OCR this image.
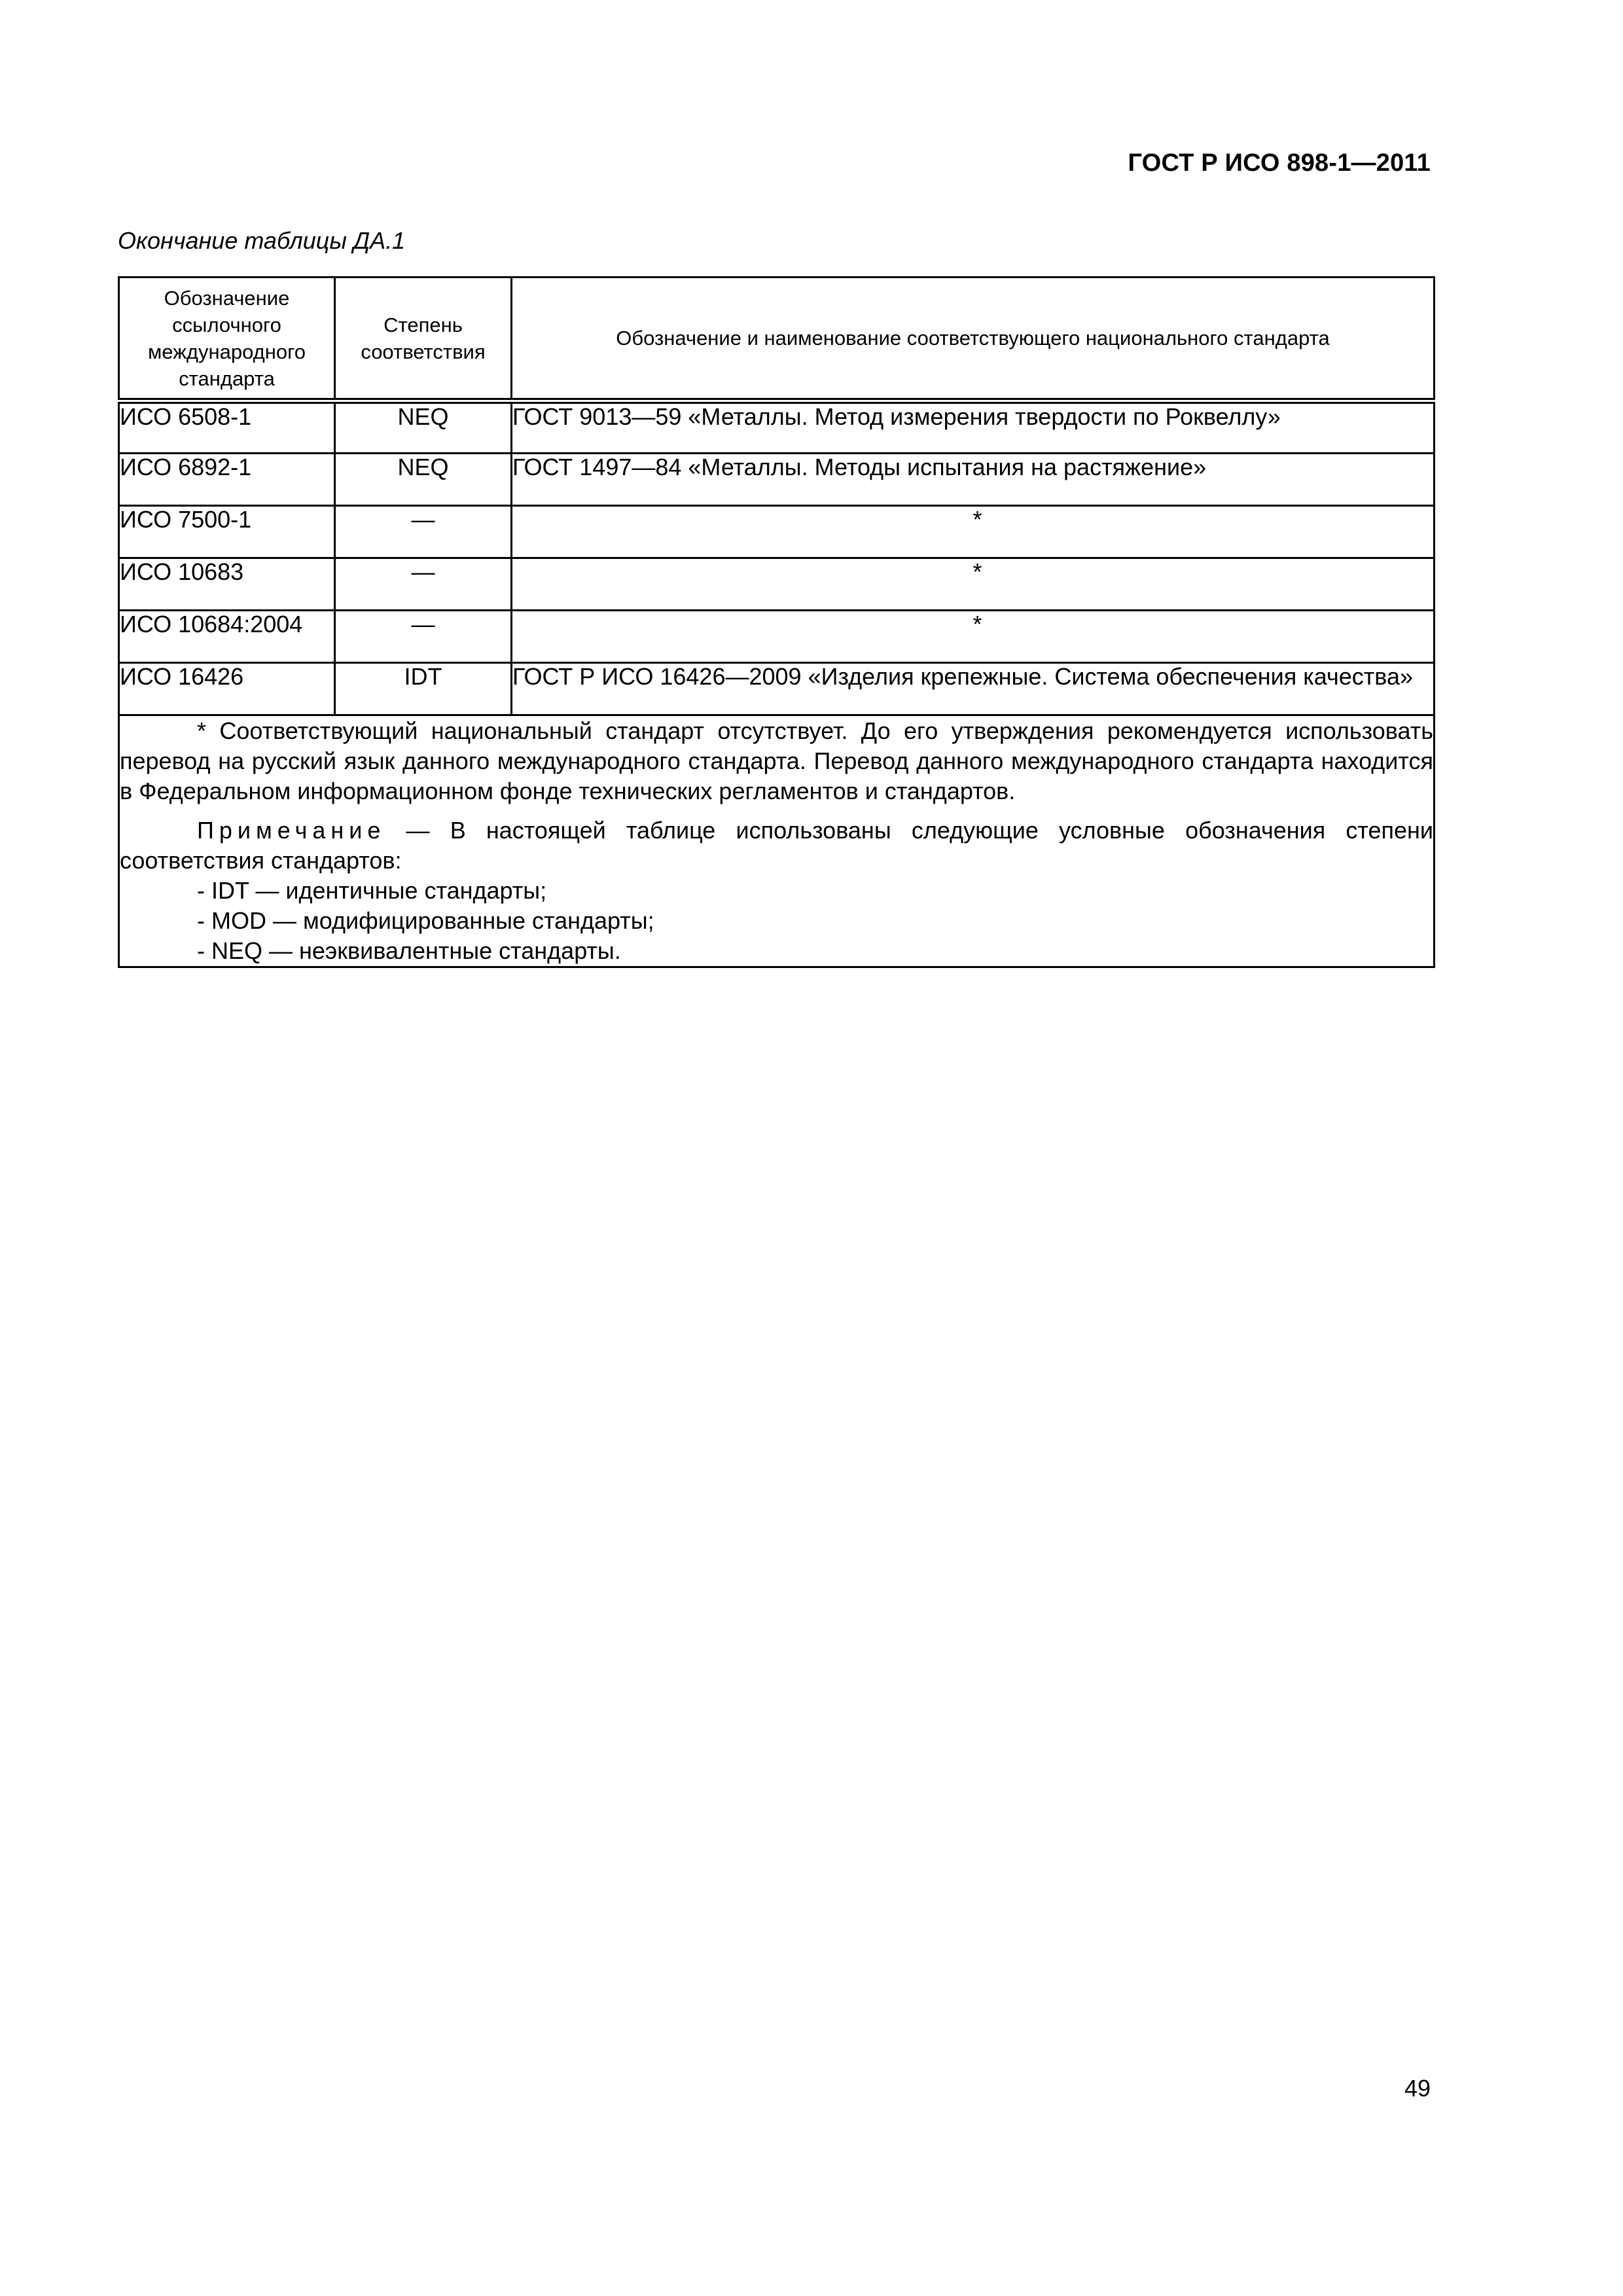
ГОСТ Р ИСО 898-1—2011
Окончание таблицы ДА.1
Обозначение ссылочного международного стандарта	Степень соответствия	Обозначение и наименование соответствующего национального стандарта
ИСО 6508-1	NEQ	ГОСТ 9013—59 «Металлы. Метод измерения твердости по Роквеллу»
ИСО 6892-1	NEQ	ГОСТ 1497—84 «Металлы. Методы испытания на растяжение»
ИСО 7500-1	—	*
ИСО 10683	—	*
ИСО 10684:2004	—	*
ИСО 16426	IDT	ГОСТ Р ИСО 16426—2009 «Изделия крепежные. Система обеспечения качества»

* Соответствующий национальный стандарт отсутствует. До его утверждения рекомендуется использовать перевод на русский язык данного международного стандарта. Перевод данного международного стандарта находится в Федеральном информационном фонде технических регламентов и стандартов.

Примечание — В настоящей таблице использованы следующие условные обозначения степени соответствия стандартов:

- IDT — идентичные стандарты;
- MOD — модифицированные стандарты;
- NEQ — неэквивалентные стандарты.		
49
